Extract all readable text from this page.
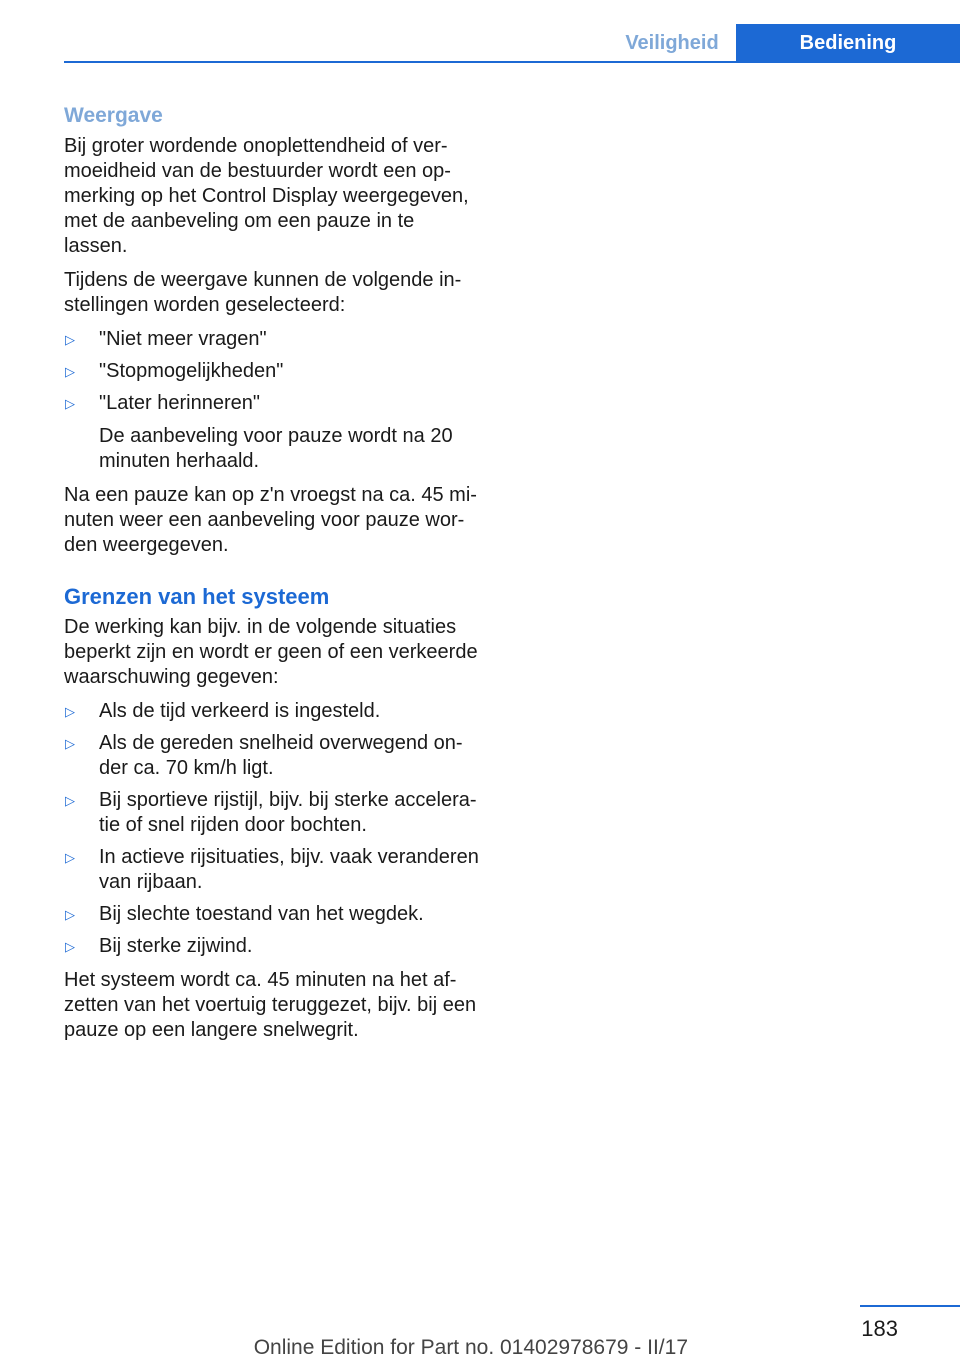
Veiligheid	Bediening
Weergave

Bij groter wordende onoplettendheid of ver-moeidheid van de bestuurder wordt een op-merking op het Control Display weergegeven, met de aanbeveling om een pauze in te lassen.

Tijdens de weergave kunnen de volgende in-stellingen worden geselecteerd:

▷ "Niet meer vragen"
▷ "Stopmogelijkheden"
▷ "Later herinneren"
De aanbeveling voor pauze wordt na 20 minuten herhaald.

Na een pauze kan op z'n vroegst na ca. 45 mi-nuten weer een aanbeveling voor pauze wor-den weergegeven.

Grenzen van het systeem

De werking kan bijv. in de volgende situaties beperkt zijn en wordt er geen of een verkeerde waarschuwing gegeven:

▷ Als de tijd verkeerd is ingesteld.
▷ Als de gereden snelheid overwegend on-der ca. 70 km/h ligt.
▷ Bij sportieve rijstijl, bijv. bij sterke accelera-tie of snel rijden door bochten.
▷ In actieve rijsituaties, bijv. vaak veranderen van rijbaan.
▷ Bij slechte toestand van het wegdek.
▷ Bij sterke zijwind.

Het systeem wordt ca. 45 minuten na het af-zetten van het voertuig teruggezet, bijv. bij een pauze op een langere snelwegrit.

183
Online Edition for Part no. 01402978679 - II/17
